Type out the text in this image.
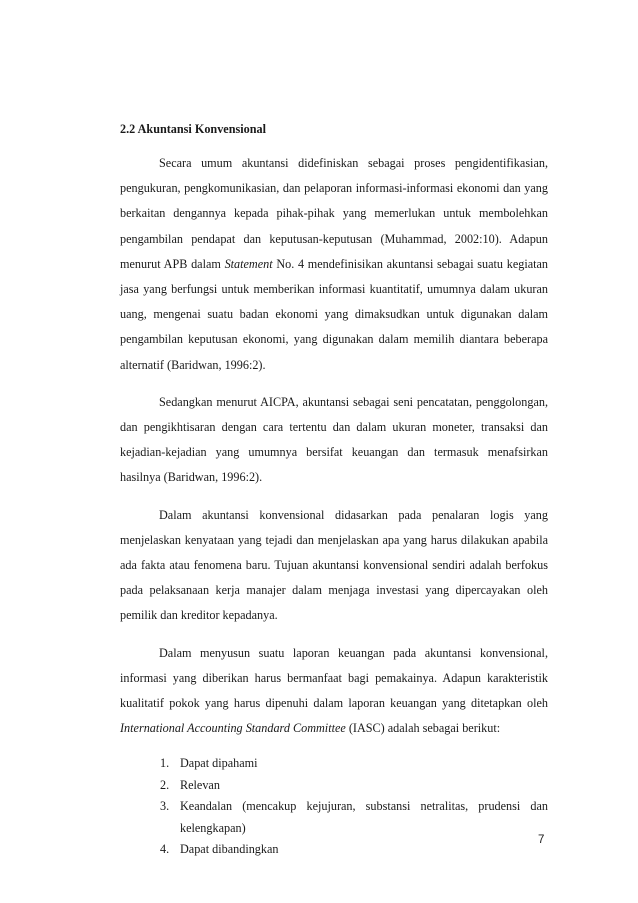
2.2 Akuntansi Konvensional

Secara umum akuntansi didefiniskan sebagai proses pengidentifikasian, pengukuran, pengkomunikasian, dan pelaporan informasi-informasi ekonomi dan yang berkaitan dengannya kepada pihak-pihak yang memerlukan untuk membolehkan pengambilan pendapat dan keputusan-keputusan (Muhammad, 2002:10). Adapun menurut APB dalam Statement No. 4 mendefinisikan akuntansi sebagai suatu kegiatan jasa yang berfungsi untuk memberikan informasi kuantitatif, umumnya dalam ukuran uang, mengenai suatu badan ekonomi yang dimaksudkan untuk digunakan dalam pengambilan keputusan ekonomi, yang digunakan dalam memilih diantara beberapa alternatif (Baridwan, 1996:2).

Sedangkan menurut AICPA, akuntansi sebagai seni pencatatan, penggolongan, dan pengikhtisaran dengan cara tertentu dan dalam ukuran moneter, transaksi dan kejadian-kejadian yang umumnya bersifat keuangan dan termasuk menafsirkan hasilnya (Baridwan, 1996:2).

Dalam akuntansi konvensional didasarkan pada penalaran logis yang menjelaskan kenyataan yang tejadi dan menjelaskan apa yang harus dilakukan apabila ada fakta atau fenomena baru. Tujuan akuntansi konvensional sendiri adalah berfokus pada pelaksanaan kerja manajer dalam menjaga investasi yang dipercayakan oleh pemilik dan kreditor kepadanya.

Dalam menyusun suatu laporan keuangan pada akuntansi konvensional, informasi yang diberikan harus bermanfaat bagi pemakainya. Adapun karakteristik kualitatif pokok yang harus dipenuhi dalam laporan keuangan yang ditetapkan oleh International Accounting Standard Committee (IASC) adalah sebagai berikut:

1. Dapat dipahami
2. Relevan
3. Keandalan (mencakup kejujuran, substansi netralitas, prudensi dan kelengkapan)
4. Dapat dibandingkan
7
